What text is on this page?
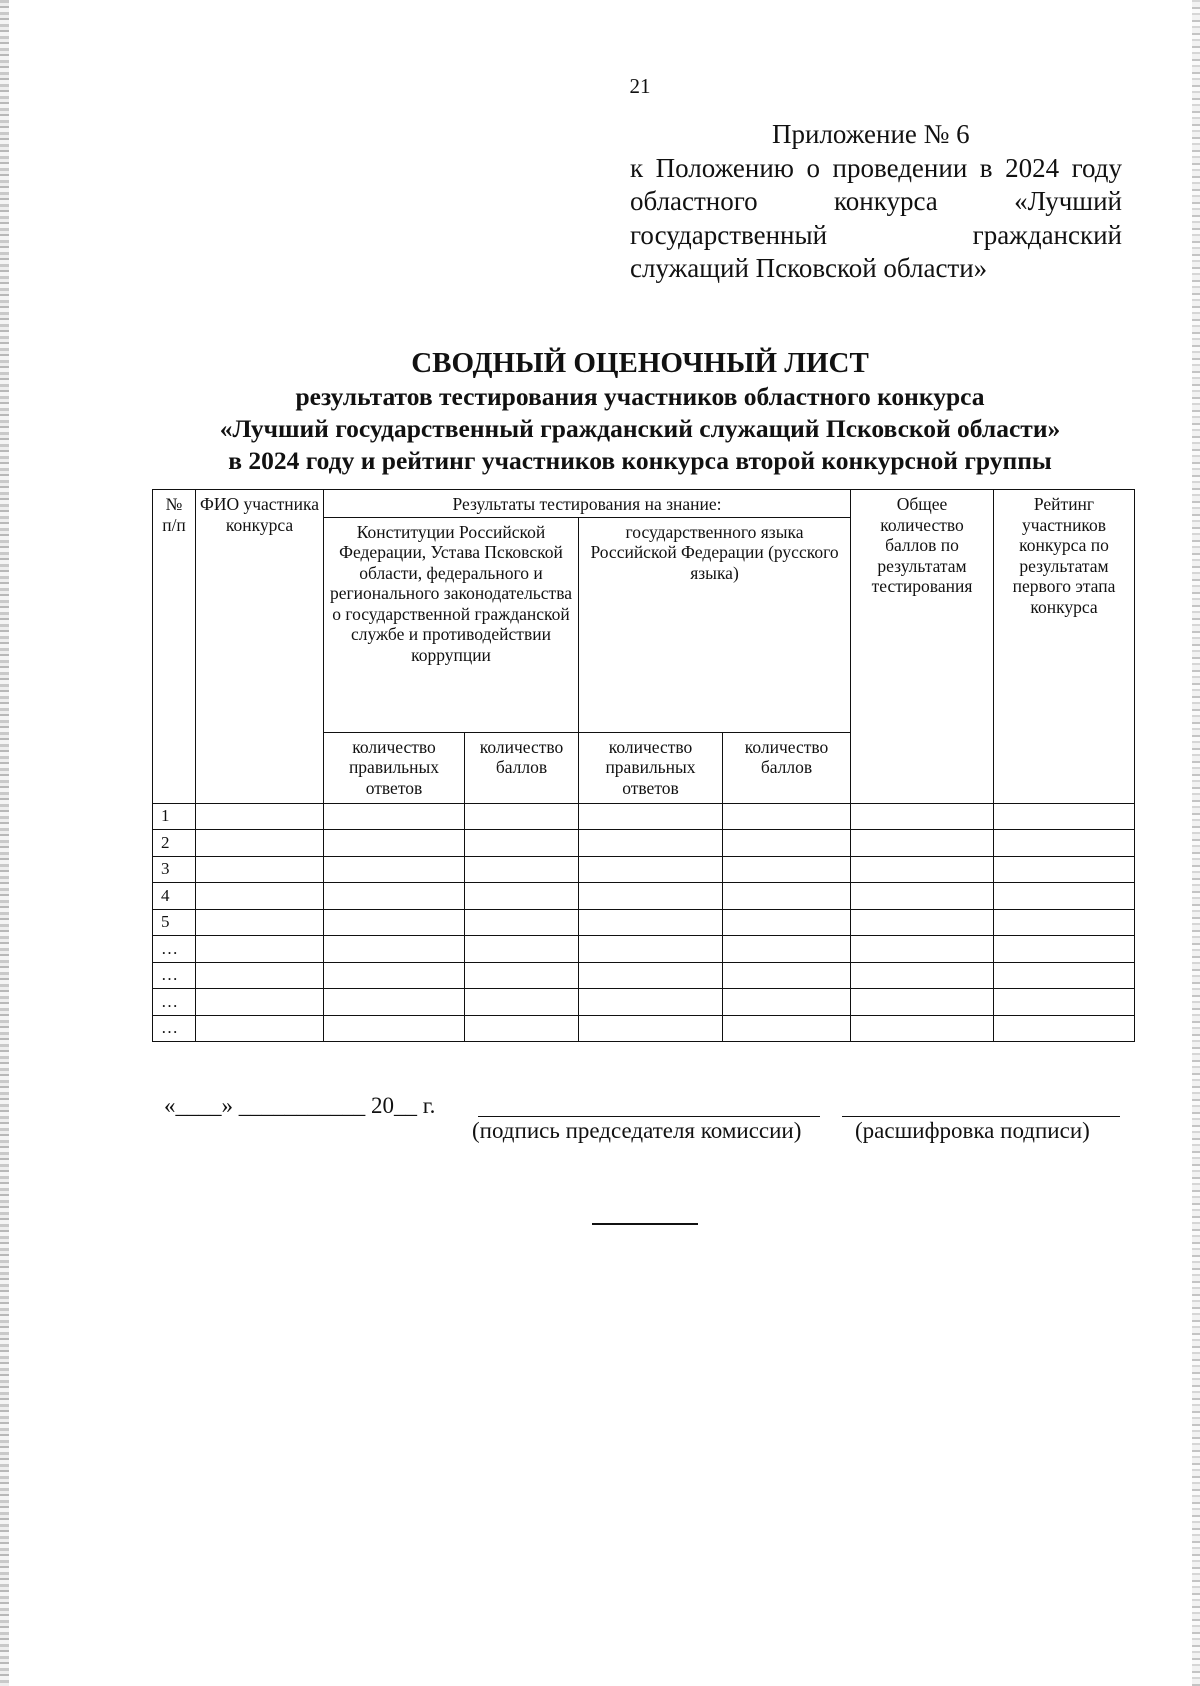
21
Приложение № 6
к Положению о проведении в 2024 году
областного конкурса «Лучший
государственный гражданский
служащий Псковской области»
СВОДНЫЙ ОЦЕНОЧНЫЙ ЛИСТ
результатов тестирования участников областного конкурса
«Лучший государственный гражданский служащий Псковской области»
в 2024 году и рейтинг участников конкурса второй конкурсной группы
№ п/п	ФИО участника конкурса	Результаты тестирования на знание:				Общее количество баллов по результатам тестирования	Рейтинг участников конкурса по результатам первого этапа конкурса
		Конституции Российской Федерации, Устава Псковской области, федерального и регионального законодательства о государственной гражданской службе и противодействии коррупции		государственного языка Российской Федерации (русского языка)			
		количество правильных ответов	количество баллов	количество правильных ответов	количество баллов		
1							
2							
3							
4							
5							
…							
…							
…							
…							
«____» ___________ 20__ г.
(подпись председателя комиссии) (расшифровка подписи)
